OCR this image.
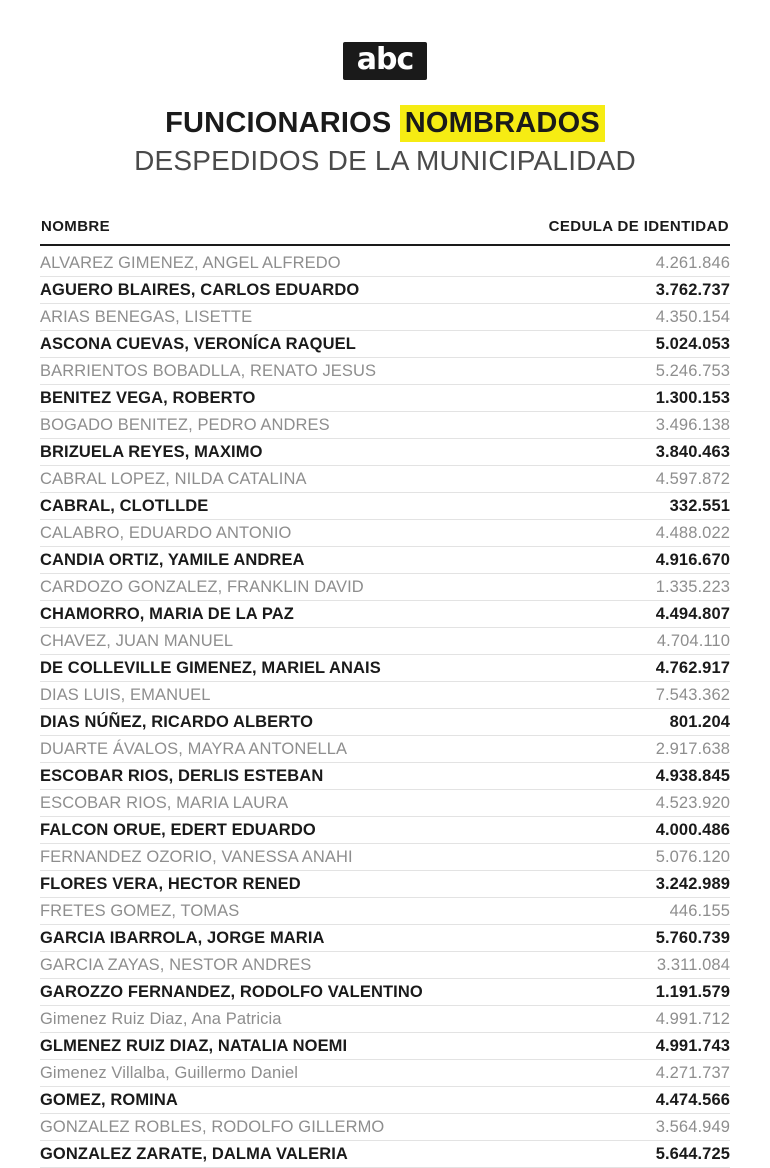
abc
FUNCIONARIOS NOMBRADOS
DESPEDIDOS DE LA MUNICIPALIDAD
NOMBRE	CEDULA DE IDENTIDAD
ALVAREZ GIMENEZ, ANGEL ALFREDO	4.261.846
AGUERO BLAIRES, CARLOS EDUARDO	3.762.737
ARIAS BENEGAS, LISETTE	4.350.154
ASCONA CUEVAS, VERONÍCA RAQUEL	5.024.053
BARRIENTOS BOBADLLA, RENATO JESUS	5.246.753
BENITEZ VEGA, ROBERTO	1.300.153
BOGADO BENITEZ, PEDRO ANDRES	3.496.138
BRIZUELA REYES, MAXIMO	3.840.463
CABRAL LOPEZ, NILDA CATALINA	4.597.872
CABRAL, CLOTLLDE	332.551
CALABRO, EDUARDO ANTONIO	4.488.022
CANDIA ORTIZ, YAMILE ANDREA	4.916.670
CARDOZO GONZALEZ, FRANKLIN DAVID	1.335.223
CHAMORRO, MARIA DE LA PAZ	4.494.807
CHAVEZ, JUAN MANUEL	4.704.110
DE COLLEVILLE GIMENEZ, MARIEL ANAIS	4.762.917
DIAS LUIS, EMANUEL	7.543.362
DIAS NÚÑEZ, RICARDO ALBERTO	801.204
DUARTE ÁVALOS, MAYRA ANTONELLA	2.917.638
ESCOBAR RIOS, DERLIS ESTEBAN	4.938.845
ESCOBAR RIOS, MARIA LAURA	4.523.920
FALCON ORUE, EDERT EDUARDO	4.000.486
FERNANDEZ OZORIO, VANESSA ANAHI	5.076.120
FLORES VERA, HECTOR RENED	3.242.989
FRETES GOMEZ, TOMAS	446.155
GARCIA IBARROLA, JORGE MARIA	5.760.739
GARCIA ZAYAS, NESTOR ANDRES	3.311.084
GAROZZO FERNANDEZ, RODOLFO VALENTINO	1.191.579
Gimenez Ruiz Diaz, Ana Patricia	4.991.712
GLMENEZ RUIZ DIAZ, NATALIA NOEMI	4.991.743
Gimenez Villalba, Guillermo Daniel	4.271.737
GOMEZ, ROMINA	4.474.566
GONZALEZ ROBLES, RODOLFO GILLERMO	3.564.949
GONZALEZ ZARATE, DALMA VALERIA	5.644.725
